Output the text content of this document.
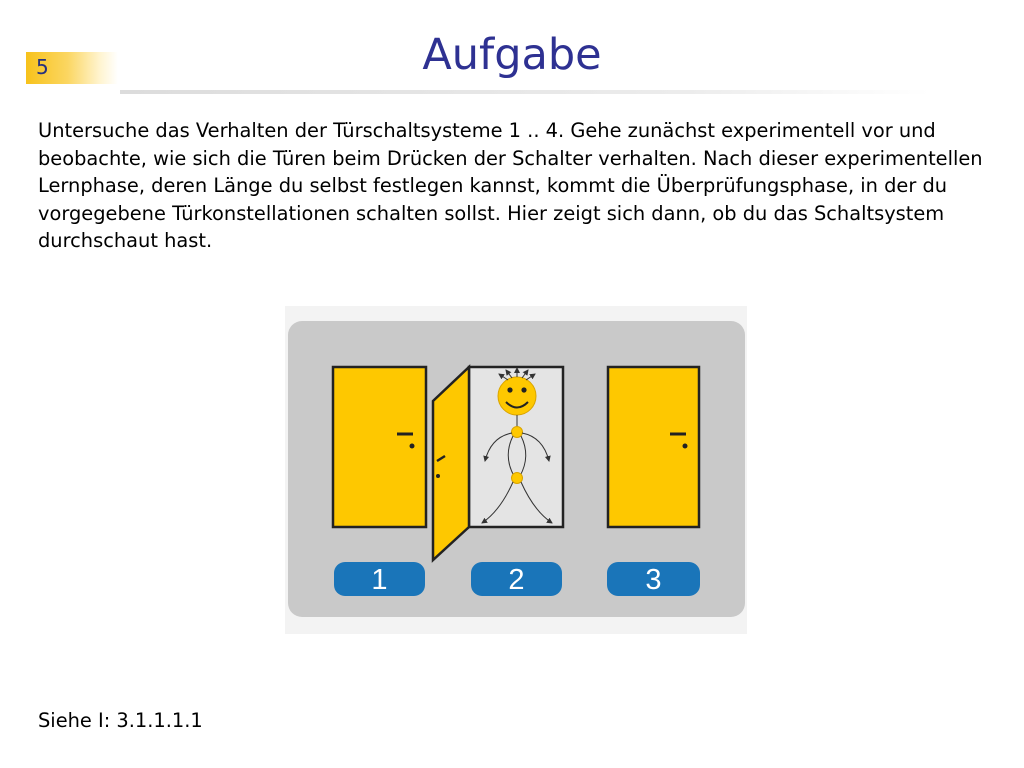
5	Aufgabe

Untersuche das Verhalten der Türschaltsysteme 1 .. 4. Gehe zunächst experimentell vor und beobachte, wie sich die Türen beim Drücken der Schalter verhalten. Nach dieser experimentellen Lernphase, deren Länge du selbst festlegen kannst, kommt die Überprüfungsphase, in der du vorgegebene Türkonstellationen schalten sollst. Hier zeigt sich dann, ob du das Schaltsystem durchschaut hast.

1	2	3
Siehe I: 3.1.1.1.1
